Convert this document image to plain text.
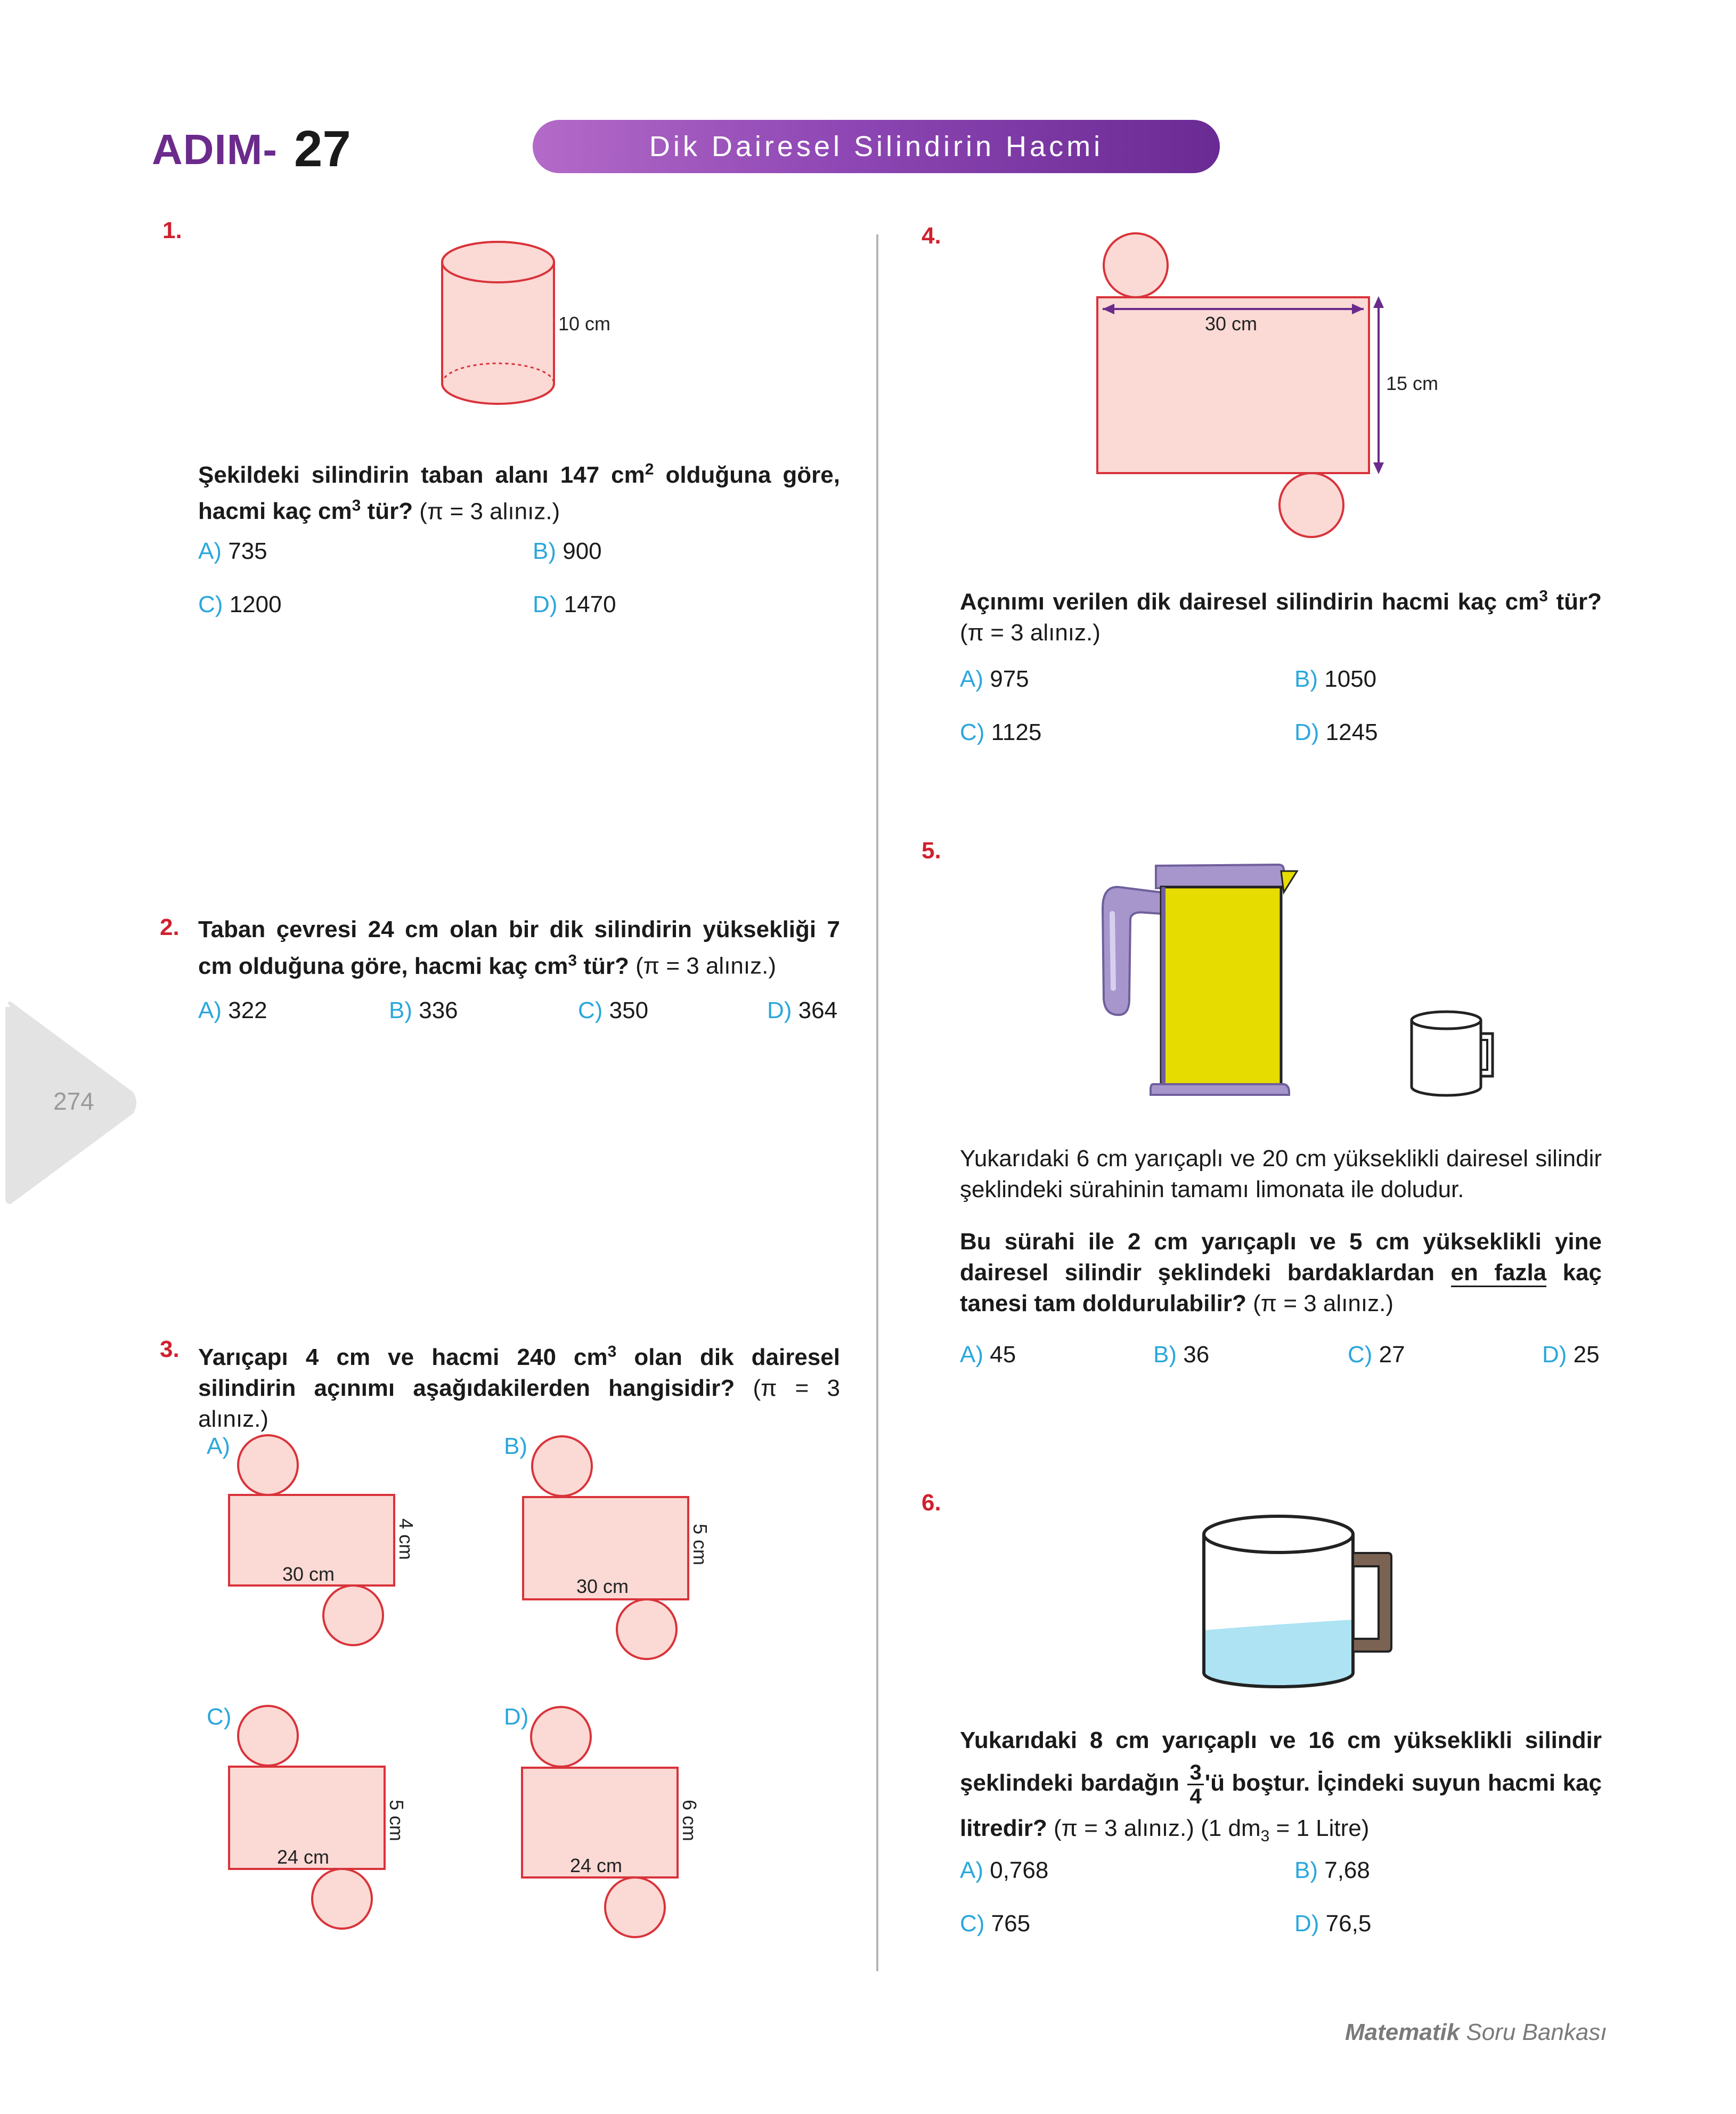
ADIM- 27	Dik Dairesel Silindirin Hacmi
274
1.
10 cm
Şekildeki silindirin taban alanı 147 $cm^2$ olduğuna göre, hacmi kaç $cm^3$ tür? (π = 3 alınız.)
A) 735	B) 900
C) 1200	D) 1470
2. Taban çevresi 24 cm olan bir dik silindirin yüksekliği 7 cm olduğuna göre, hacmi kaç $cm^3$ tür? (π = 3 alınız.)
A) 322	B) 336	C) 350	D) 364
3. Yarıçapı 4 cm ve hacmi 240 $cm^3$ olan dik dairesel silindirin açınımı aşağıdakilerden hangisidir? (π = 3 alınız.)
A)
30 cm
4 cm
B)
30 cm
5 cm
C)
24 cm
5 cm
D)
24 cm
6 cm
4.
30 cm
15 cm
Açınımı verilen dik dairesel silindirin hacmi kaç $cm^3$ tür? (π = 3 alınız.)
A) 975	B) 1050
C) 1125	D) 1245
5.
Yukarıdaki 6 cm yarıçaplı ve 20 cm yükseklikli dairesel silindir şeklindeki sürahinin tamamı limonata ile doludur.
Bu sürahi ile 2 cm yarıçaplı ve 5 cm yükseklikli yine dairesel silindir şeklindeki bardaklardan en fazla kaç tanesi tam doldurulabilir? (π = 3 alınız.)
A) 45	B) 36	C) 27	D) 25
6.
Yukarıdaki 8 cm yarıçaplı ve 16 cm yükseklikli silindir şeklindeki bardağın $\frac{3}{4}$ 'ü boştur. İçindeki suyun hacmi kaç litredir? (π = 3 alınız.) (1 $dm_3 = 1$ Litre)
A) 0,768	B) 7,68
C) 765	D) 76,5
Matematik Soru Bankası
